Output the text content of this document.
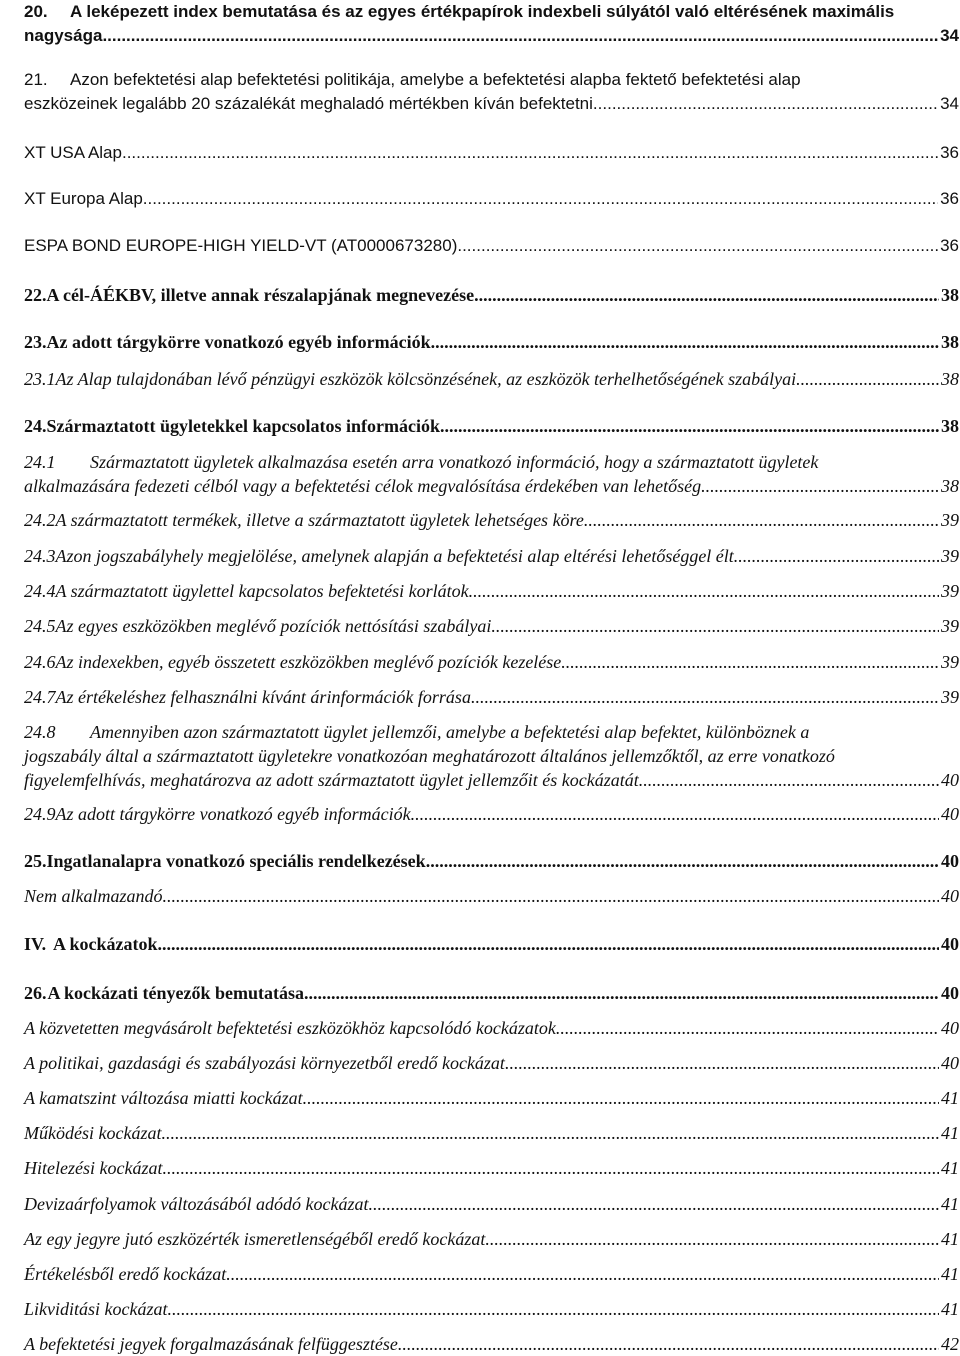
20. A leképezett index bemutatása és az egyes értékpapírok indexbeli súlyától való eltérésének maximális
nagysága .....	34
21. Azon befektetési alap befektetési politikája, amelybe a befektetési alapba fektető befektetési alap
eszközeinek legalább 20 százalékát meghaladó mértékben kíván befektetni .....	34
XT USA Alap .....	36
XT Europa Alap .....	36
ESPA BOND EUROPE-HIGH YIELD-VT (AT0000673280) .....	36
22. A cél-ÁÉKBV, illetve annak részalapjának megnevezése .....	38
23. Az adott tárgykörre vonatkozó egyéb információk .....	38
23.1 Az Alap tulajdonában lévő pénzügyi eszközök kölcsönzésének, az eszközök terhelhetőségének szabályai .....	38
24. Származtatott ügyletekkel kapcsolatos információk .....	38
24.1 Származtatott ügyletek alkalmazása esetén arra vonatkozó információ, hogy a származtatott ügyletek
alkalmazására fedezeti célból vagy a befektetési célok megvalósítása érdekében van lehetőség .....	38
24.2 A származtatott termékek, illetve a származtatott ügyletek lehetséges köre .....	39
24.3 Azon jogszabályhely megjelölése, amelynek alapján a befektetési alap eltérési lehetőséggel élt .....	39
24.4 A származtatott ügylettel kapcsolatos befektetési korlátok .....	39
24.5 Az egyes eszközökben meglévő pozíciók nettósítási szabályai .....	39
24.6 Az indexekben, egyéb összetett eszközökben meglévő pozíciók kezelése .....	39
24.7 Az értékeléshez felhasználni kívánt árinformációk forrása .....	39
24.8 Amennyiben azon származtatott ügylet jellemzői, amelybe a befektetési alap befektet, különböznek a
jogszabály által a származtatott ügyletekre vonatkozóan meghatározott általános jellemzőktől, az erre vonatkozó
figyelemfelhívás, meghatározva az adott származtatott ügylet jellemzőit és kockázatát .....	40
24.9 Az adott tárgykörre vonatkozó egyéb információk .....	40
25. Ingatlanalapra vonatkozó speciális rendelkezések .....	40
Nem alkalmazandó. .....	40
IV. A kockázatok .....	40
26. A kockázati tényezők bemutatása .....	40
A közvetetten megvásárolt befektetési eszközökhöz kapcsolódó kockázatok .....	40
A politikai, gazdasági és szabályozási környezetből eredő kockázat .....	40
A kamatszint változása miatti kockázat .....	41
Működési kockázat .....	41
Hitelezési kockázat .....	41
Devizaárfolyamok változásából adódó kockázat .....	41
Az egy jegyre jutó eszközérték ismeretlenségéből eredő kockázat .....	41
Értékelésből eredő kockázat .....	41
Likviditási kockázat .....	41
A befektetési jegyek forgalmazásának felfüggesztése .....	42
